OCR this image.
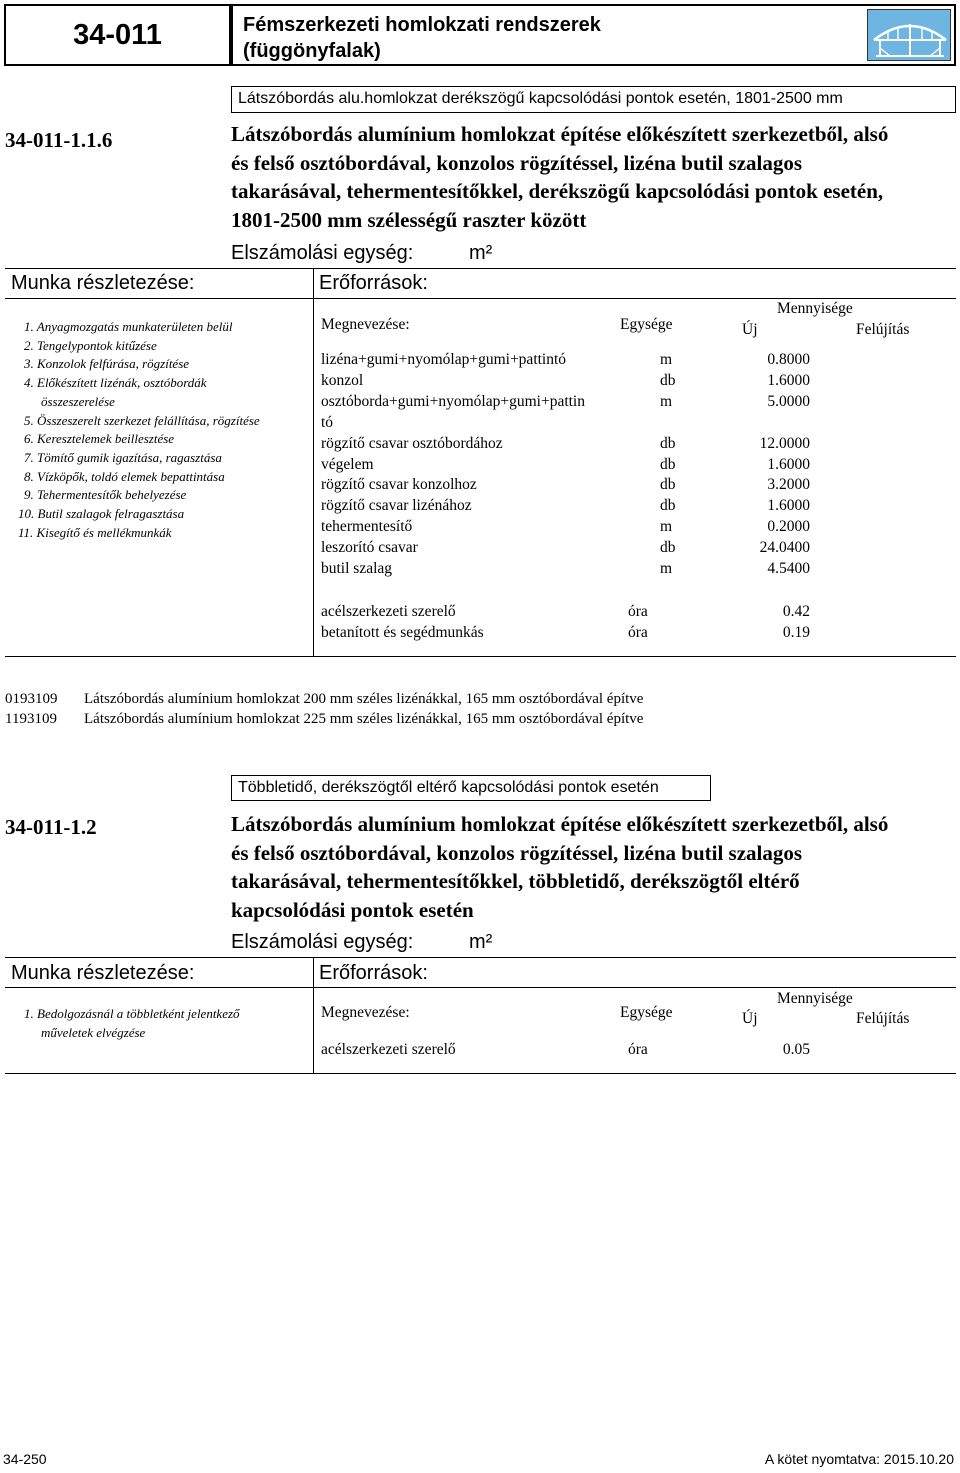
34-011	Fémszerkezeti homlokzati rendszerek
(függönyfalak)
Látszóbordás alu.homlokzat derékszögű kapcsolódási pontok esetén, 1801-2500 mm
34-011-1.1.6	Látszóbordás alumínium homlokzat építése előkészített szerkezetből, alsó
és felső osztóbordával, konzolos rögzítéssel, lizéna butil szalagos
takarásával, tehermentesítőkkel, derékszögű kapcsolódási pontok esetén,
1801-2500 mm szélességű raszter között
Elszámolási egység:	m²
Munka részletezése:	Erőforrások:
1. Anyagmozgatás munkaterületen belül
2. Tengelypontok kitűzése
3. Konzolok felfúrása, rögzítése
4. Előkészített lizénák, osztóbordák
összeszerelése
5. Összeszerelt szerkezet felállítása, rögzítése
6. Keresztelemek beillesztése
7. Tömítő gumik igazítása, ragasztása
8. Vízköpők, toldó elemek bepattintása
9. Tehermentesítők behelyezése
10. Butil szalagok felragasztása
11. Kisegítő és mellékmunkák
Megnevezése:	Egysége
Mennyisége
Új	Felújítás
lizéna+gumi+nyomólap+gumi+pattintó	m	0.8000
konzol	db	1.6000
osztóborda+gumi+nyomólap+gumi+pattin	m	5.0000
tó
rögzítő csavar osztóbordához	db	12.0000
végelem	db	1.6000
rögzítő csavar konzolhoz	db	3.2000
rögzítő csavar lizénához	db	1.6000
tehermentesítő	m	0.2000
leszorító csavar	db	24.0400
butil szalag	m	4.5400
acélszerkezeti szerelő	óra	0.42
betanított és segédmunkás	óra	0.19
0193109 Látszóbordás alumínium homlokzat 200 mm széles lizénákkal, 165 mm osztóbordával építve
1193109 Látszóbordás alumínium homlokzat 225 mm széles lizénákkal, 165 mm osztóbordával építve
Többletidő, derékszögtől eltérő kapcsolódási pontok esetén
34-011-1.2	Látszóbordás alumínium homlokzat építése előkészített szerkezetből, alsó
és felső osztóbordával, konzolos rögzítéssel, lizéna butil szalagos
takarásával, tehermentesítőkkel, többletidő, derékszögtől eltérő
kapcsolódási pontok esetén
Elszámolási egység:	m²
Munka részletezése:	Erőforrások:
1. Bedolgozásnál a többletként jelentkező
műveletek elvégzése
Megnevezése:	Egysége
Mennyisége
Új	Felújítás
acélszerkezeti szerelő	óra	0.05
34-250	A kötet nyomtatva: 2015.10.20
